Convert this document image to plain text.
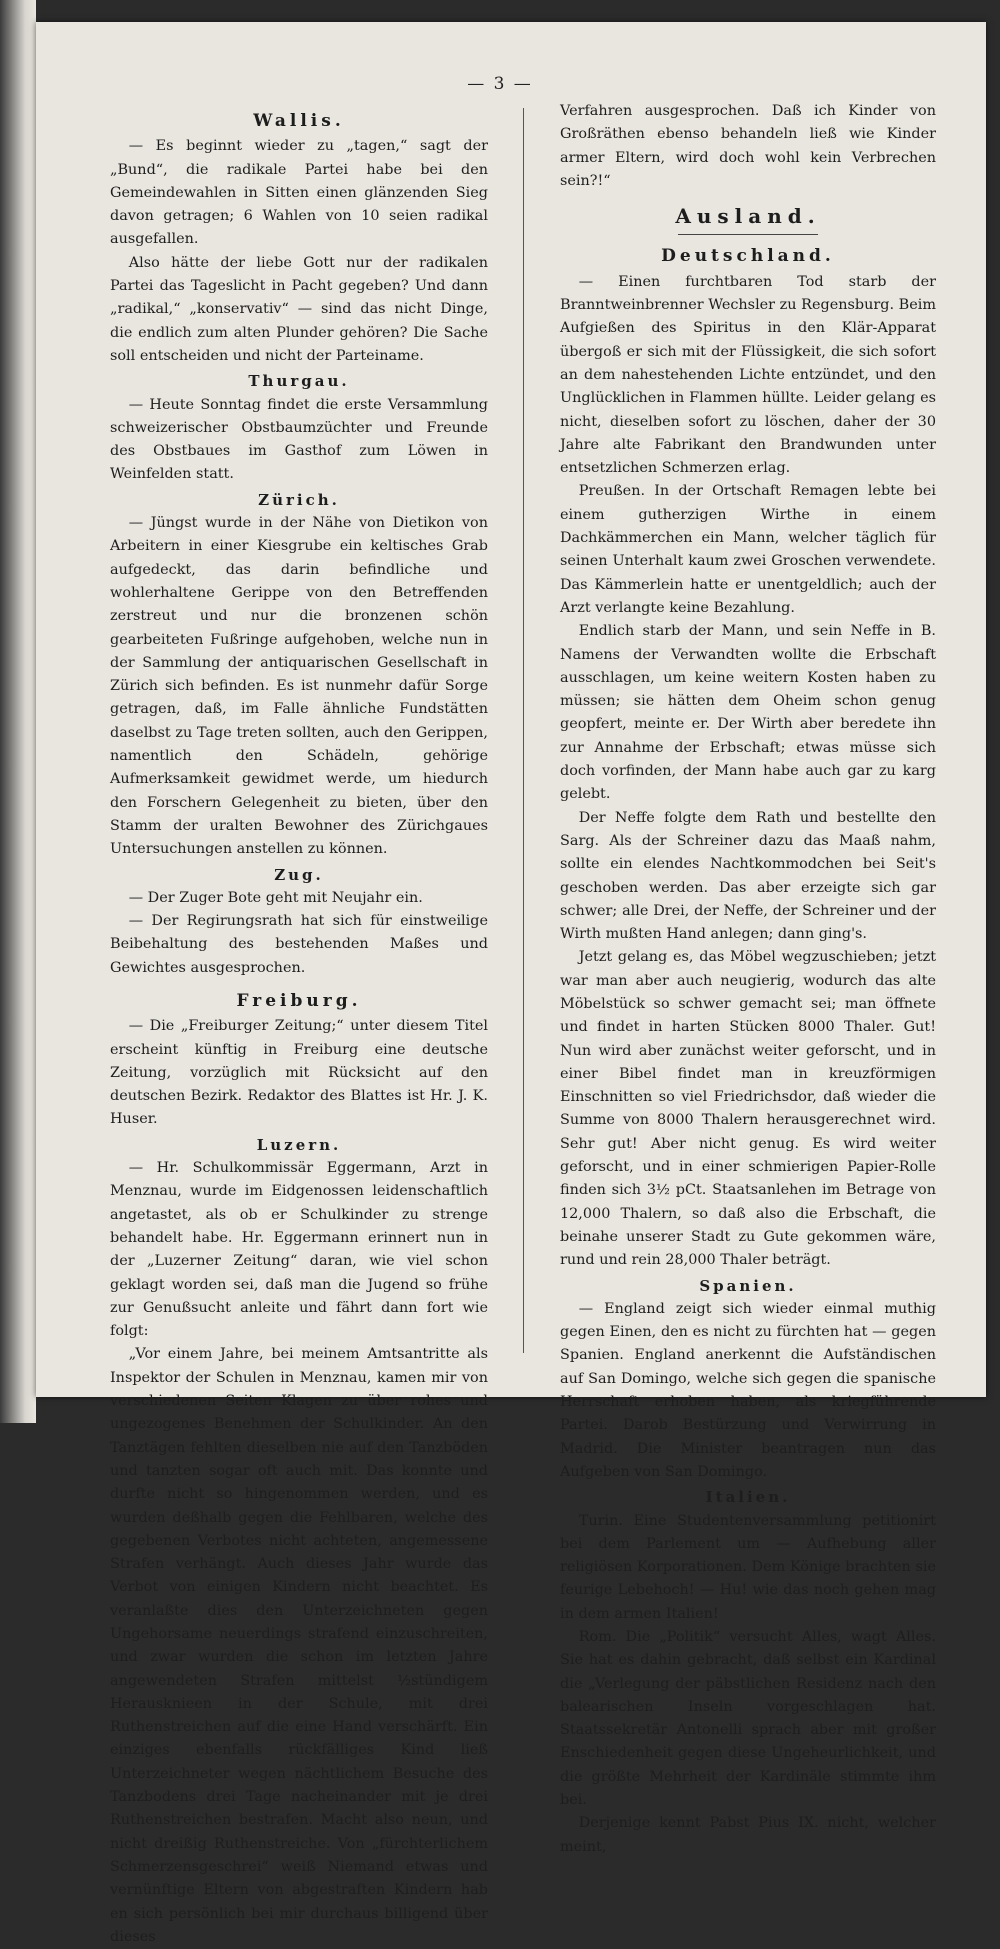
— 3 —
Wallis.

— Es beginnt wieder zu „tagen,“ sagt der „Bund“, die radikale Partei habe bei den Gemeindewahlen in Sitten einen glänzenden Sieg davon getragen; 6 Wahlen von 10 seien radikal ausgefallen.

Also hätte der liebe Gott nur der radikalen Partei das Tageslicht in Pacht gegeben? Und dann „radikal,“ „konservativ“ — sind das nicht Dinge, die endlich zum alten Plunder gehören? Die Sache soll entscheiden und nicht der Parteiname.

Thurgau.

— Heute Sonntag findet die erste Versammlung schweizerischer Obstbaumzüchter und Freunde des Obstbaues im Gasthof zum Löwen in Weinfelden statt.

Zürich.

— Jüngst wurde in der Nähe von Dietikon von Arbeitern in einer Kiesgrube ein keltisches Grab aufgedeckt, das darin befindliche und wohlerhaltene Gerippe von den Betreffenden zerstreut und nur die bronzenen schön gearbeiteten Fußringe aufgehoben, welche nun in der Sammlung der antiquarischen Gesellschaft in Zürich sich befinden. Es ist nunmehr dafür Sorge getragen, daß, im Falle ähnliche Fundstätten daselbst zu Tage treten sollten, auch den Gerippen, namentlich den Schädeln, gehörige Aufmerksamkeit gewidmet werde, um hiedurch den Forschern Gelegenheit zu bieten, über den Stamm der uralten Bewohner des Zürichgaues Untersuchungen anstellen zu können.

Zug.

— Der Zuger Bote geht mit Neujahr ein.

— Der Regirungsrath hat sich für einstweilige Beibehaltung des bestehenden Maßes und Gewichtes ausgesprochen.

Freiburg.

— Die „Freiburger Zeitung;“ unter diesem Titel erscheint künftig in Freiburg eine deutsche Zeitung, vorzüglich mit Rücksicht auf den deutschen Bezirk. Redaktor des Blattes ist Hr. J. K. Huser.

Luzern.

— Hr. Schulkommissär Eggermann, Arzt in Menznau, wurde im Eidgenossen leidenschaftlich angetastet, als ob er Schulkinder zu strenge behandelt habe. Hr. Eggermann erinnert nun in der „Luzerner Zeitung“ daran, wie viel schon geklagt worden sei, daß man die Jugend so frühe zur Genußsucht anleite und fährt dann fort wie folgt:

„Vor einem Jahre, bei meinem Amtsantritte als Inspektor der Schulen in Menznau, kamen mir von verschiedenen Seiten Klagen zu über rohes und ungezogenes Benehmen der Schulkinder. An den Tanztägen fehlten dieselben nie auf den Tanzböden und tanzten sogar oft auch mit. Das konnte und durfte nicht so hingenommen werden, und es wurden deßhalb gegen die Fehlbaren, welche des gegebenen Verbotes nicht achteten, angemessene Strafen verhängt. Auch dieses Jahr wurde das Verbot von einigen Kindern nicht beachtet. Es veranlaßte dies den Unterzeichneten gegen Ungehorsame neuerdings strafend einzuschreiten, und zwar wurden die schon im letzten Jahre angewendeten Strafen mittelst ½stündigem Herausknieen in der Schule, mit drei Ruthenstreichen auf die eine Hand verschärft. Ein einziges ebenfalls rückfälliges Kind ließ Unterzeichneter wegen nächtlichem Besuche des Tanzbodens drei Tage nacheinander mit je drei Ruthenstreichen bestrafen. Macht also neun, und nicht dreißig Ruthenstreiche. Von „fürchterlichem Schmerzensgeschrei“ weiß Niemand etwas und vernünftige Eltern von abgestraften Kindern hab en sich persönlich bei mir durchaus billigend über dieses

Verfahren ausgesprochen. Daß ich Kinder von Großräthen ebenso behandeln ließ wie Kinder armer Eltern, wird doch wohl kein Verbrechen sein?!“

Ausland.
Deutschland.

— Einen furchtbaren Tod starb der Branntweinbrenner Wechsler zu Regensburg. Beim Aufgießen des Spiritus in den Klär-Apparat übergoß er sich mit der Flüssigkeit, die sich sofort an dem nahestehenden Lichte entzündet, und den Unglücklichen in Flammen hüllte. Leider gelang es nicht, dieselben sofort zu löschen, daher der 30 Jahre alte Fabrikant den Brandwunden unter entsetzlichen Schmerzen erlag.

Preußen. In der Ortschaft Remagen lebte bei einem gutherzigen Wirthe in einem Dachkämmerchen ein Mann, welcher täglich für seinen Unterhalt kaum zwei Groschen verwendete. Das Kämmerlein hatte er unentgeldlich; auch der Arzt verlangte keine Bezahlung.

Endlich starb der Mann, und sein Neffe in B. Namens der Verwandten wollte die Erbschaft ausschlagen, um keine weitern Kosten haben zu müssen; sie hätten dem Oheim schon genug geopfert, meinte er. Der Wirth aber beredete ihn zur Annahme der Erbschaft; etwas müsse sich doch vorfinden, der Mann habe auch gar zu karg gelebt.

Der Neffe folgte dem Rath und bestellte den Sarg. Als der Schreiner dazu das Maaß nahm, sollte ein elendes Nachtkommodchen bei Seit's geschoben werden. Das aber erzeigte sich gar schwer; alle Drei, der Neffe, der Schreiner und der Wirth mußten Hand anlegen; dann ging's.

Jetzt gelang es, das Möbel wegzuschieben; jetzt war man aber auch neugierig, wodurch das alte Möbelstück so schwer gemacht sei; man öffnete und findet in harten Stücken 8000 Thaler. Gut! Nun wird aber zunächst weiter geforscht, und in einer Bibel findet man in kreuzförmigen Einschnitten so viel Friedrichsdor, daß wieder die Summe von 8000 Thalern herausgerechnet wird. Sehr gut! Aber nicht genug. Es wird weiter geforscht, und in einer schmierigen Papier-Rolle finden sich 3½ pCt. Staatsanlehen im Betrage von 12,000 Thalern, so daß also die Erbschaft, die beinahe unserer Stadt zu Gute gekommen wäre, rund und rein 28,000 Thaler beträgt.

Spanien.

— England zeigt sich wieder einmal muthig gegen Einen, den es nicht zu fürchten hat — gegen Spanien. England anerkennt die Aufständischen auf San Domingo, welche sich gegen die spanische Herrschaft erhoben haben, als kriegführende Partei. Darob Bestürzung und Verwirrung in Madrid. Die Minister beantragen nun das Aufgeben von San Domingo.

Italien.

Turin. Eine Studentenversammlung petitionirt bei dem Parlement um — Aufhebung aller religiösen Korporationen. Dem Könige brachten sie feurige Lebehoch! — Hu! wie das noch gehen mag in dem armen Italien!

Rom. Die „Politik“ versucht Alles, wagt Alles. Sie hat es dahin gebracht, daß selbst ein Kardinal die „Verlegung der päbstlichen Residenz nach den balearischen Inseln vorgeschlagen hat. Staatssekretär Antonelli sprach aber mit großer Enschiedenheit gegen diese Ungeheurlichkeit, und die größte Mehrheit der Kardinäle stimmte ihm bei.

Derjenige kennt Pabst Pius IX. nicht, welcher meint,
